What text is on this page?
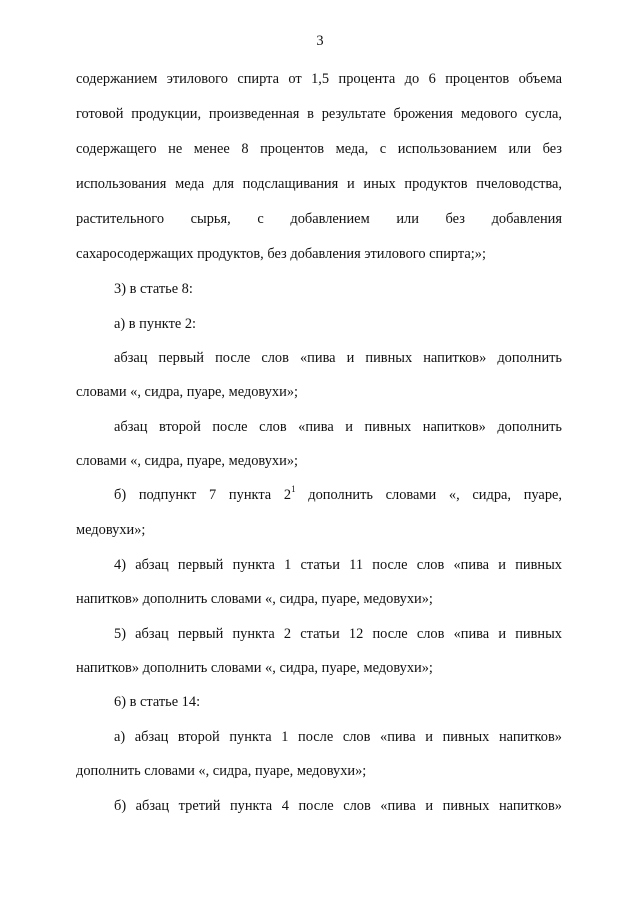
3
содержанием этилового спирта от 1,5 процента до 6 процентов объема
готовой продукции, произведенная в результате брожения медового сусла,
содержащего не менее 8 процентов меда, с использованием или без
использования меда для подслащивания и иных продуктов пчеловодства,
растительного сырья, с добавлением или без добавления
сахаросодержащих продуктов, без добавления этилового спирта;»;
3) в статье 8:
а) в пункте 2:
абзац первый после слов «пива и пивных напитков» дополнить
словами «, сидра, пуаре, медовухи»;
абзац второй после слов «пива и пивных напитков» дополнить
словами «, сидра, пуаре, медовухи»;
б) подпункт 7 пункта $2^1$ дополнить словами «, сидра, пуаре,
медовухи»;
4) абзац первый пункта 1 статьи 11 после слов «пива и пивных
напитков» дополнить словами «, сидра, пуаре, медовухи»;
5) абзац первый пункта 2 статьи 12 после слов «пива и пивных
напитков» дополнить словами «, сидра, пуаре, медовухи»;
6) в статье 14:
а) абзац второй пункта 1 после слов «пива и пивных напитков»
дополнить словами «, сидра, пуаре, медовухи»;
б) абзац третий пункта 4 после слов «пива и пивных напитков»
